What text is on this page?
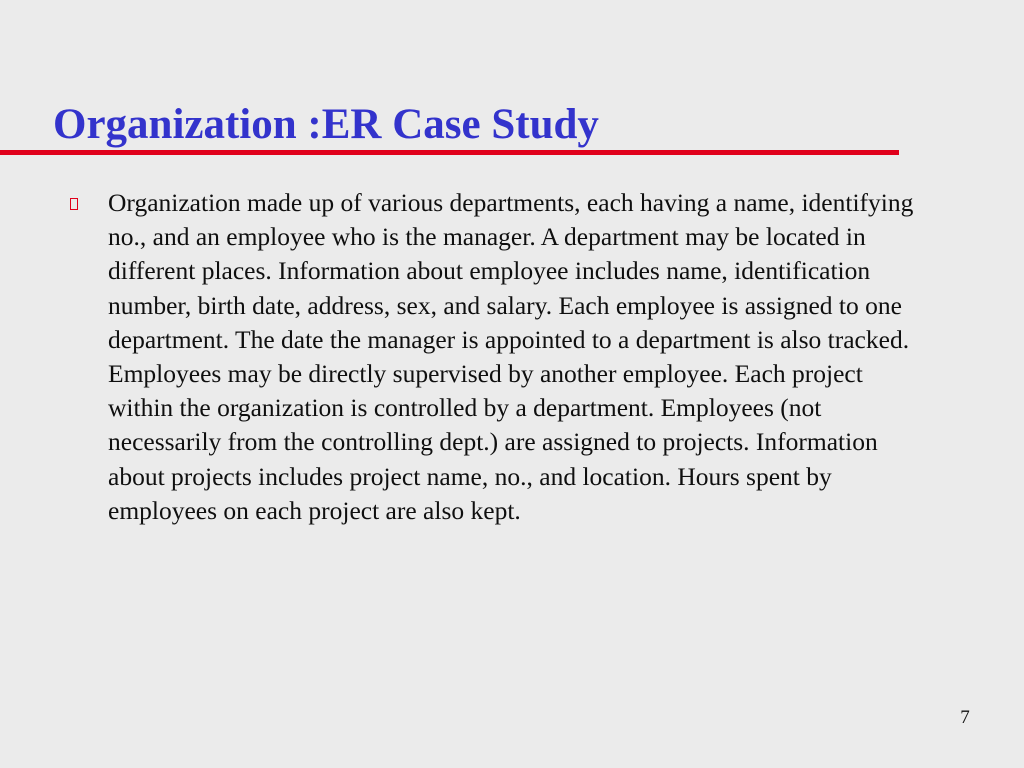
Organization :ER Case Study

Organization made up of various departments, each having a name, identifying no., and an employee who is the manager. A department may be located in different places. Information about employee includes name, identification number, birth date, address, sex, and salary. Each employee is assigned to one department. The date the manager is appointed to a department is also tracked. Employees may be directly supervised by another employee. Each project within the organization is controlled by a department. Employees (not necessarily from the controlling dept.) are assigned to projects. Information about projects includes project name, no., and location. Hours spent by employees on each project are also kept.

7
